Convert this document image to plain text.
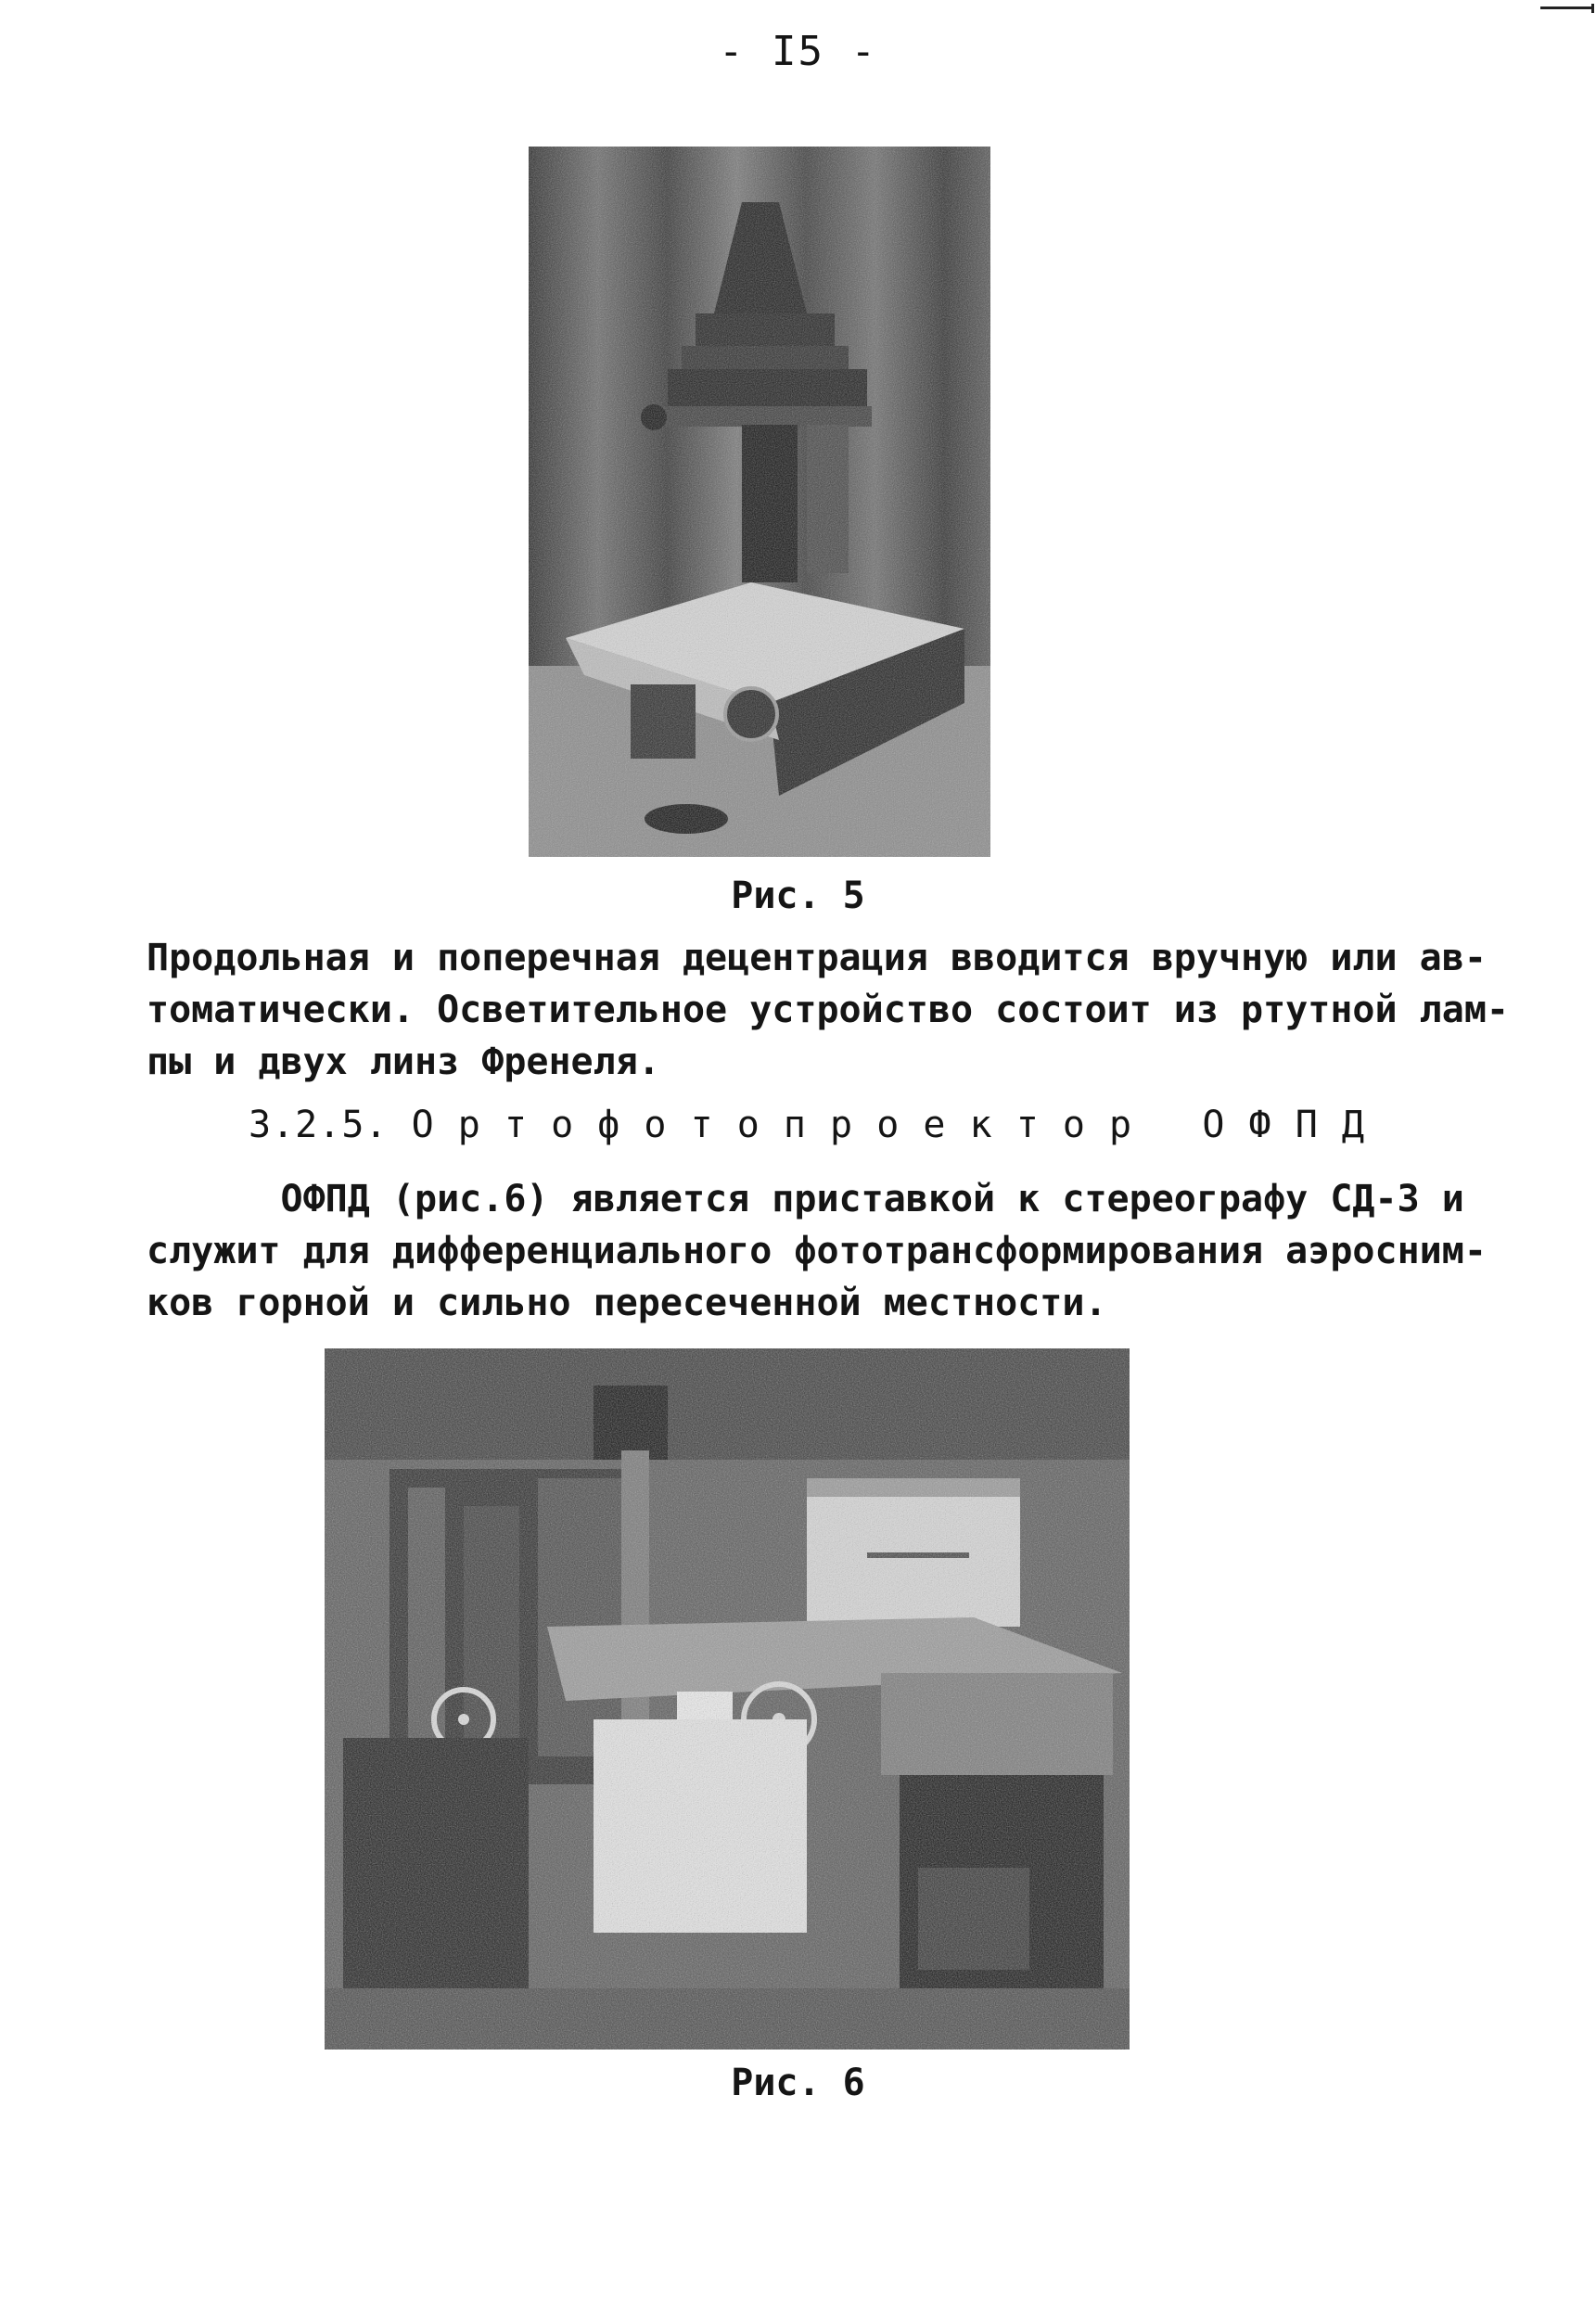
- I5 -
Рис. 5

Продольная и поперечная децентрация вводится вручную или ав-
томатически. Осветительное устройство состоит из ртутной лам-
пы и двух линз Френеля.

3.2.5. О р т о ф о т о п р о е к т о р   О Ф П Д

ОФПД (рис.6) является приставкой к стереографу СД-3 и
служит для дифференциального фототрансформирования аэросним-
ков горной и сильно пересеченной местности.

Рис. 6
